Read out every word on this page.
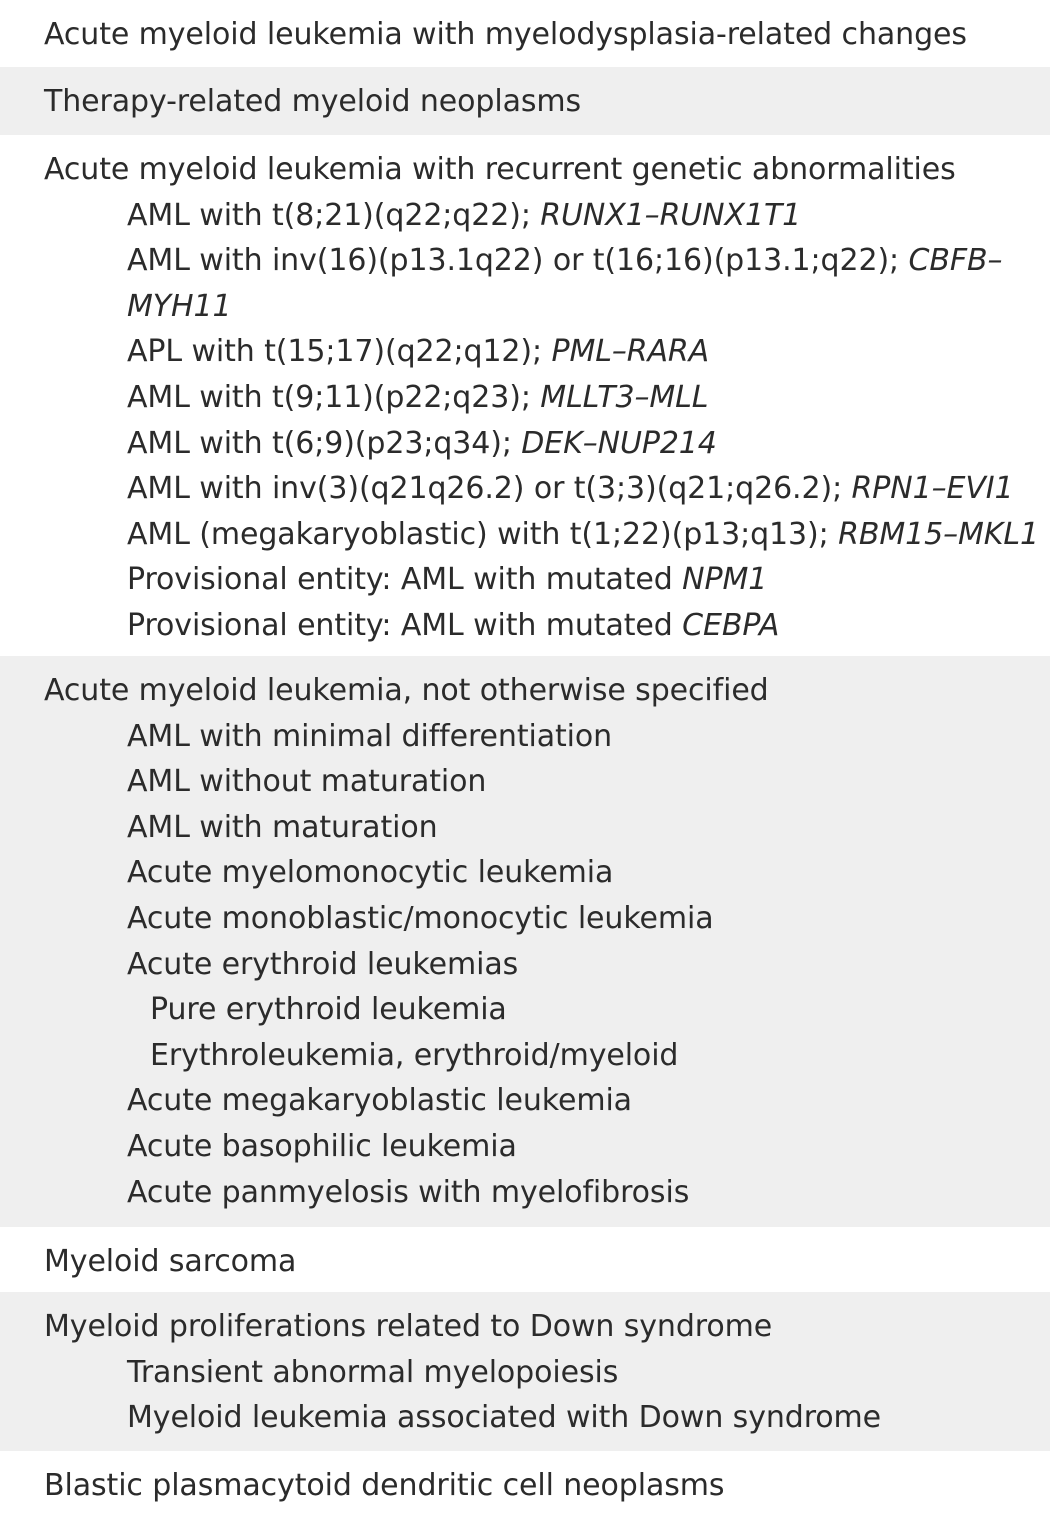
Acute myeloid leukemia with myelodysplasia-related changes
Therapy-related myeloid neoplasms
Acute myeloid leukemia with recurrent genetic abnormalities
AML with t(8;21)(q22;q22); RUNX1–RUNX1T1
AML with inv(16)(p13.1q22) or t(16;16)(p13.1;q22); CBFB–
MYH11
APL with t(15;17)(q22;q12); PML–RARA
AML with t(9;11)(p22;q23); MLLT3–MLL
AML with t(6;9)(p23;q34); DEK–NUP214
AML with inv(3)(q21q26.2) or t(3;3)(q21;q26.2); RPN1–EVI1
AML (megakaryoblastic) with t(1;22)(p13;q13); RBM15–MKL1
Provisional entity: AML with mutated NPM1
Provisional entity: AML with mutated CEBPA
Acute myeloid leukemia, not otherwise specified
AML with minimal differentiation
AML without maturation
AML with maturation
Acute myelomonocytic leukemia
Acute monoblastic/monocytic leukemia
Acute erythroid leukemias
Pure erythroid leukemia
Erythroleukemia, erythroid/myeloid
Acute megakaryoblastic leukemia
Acute basophilic leukemia
Acute panmyelosis with myelofibrosis
Myeloid sarcoma
Myeloid proliferations related to Down syndrome
Transient abnormal myelopoiesis
Myeloid leukemia associated with Down syndrome
Blastic plasmacytoid dendritic cell neoplasms
